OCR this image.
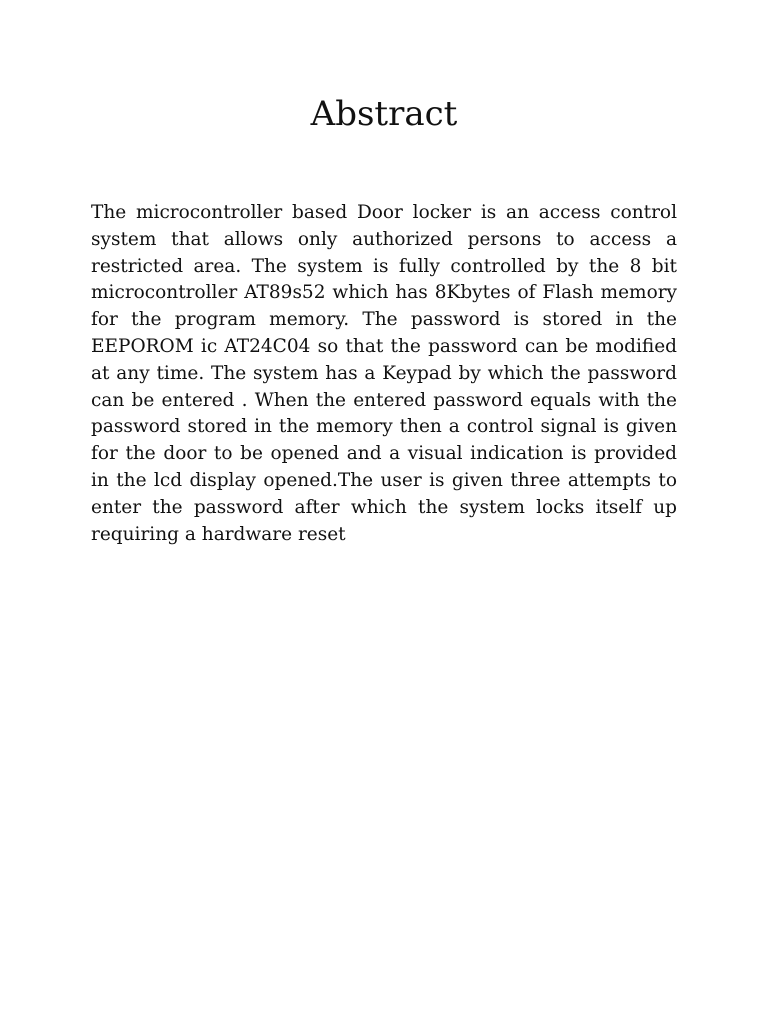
Abstract

The microcontroller based Door locker is an access control system that allows only authorized persons to access a restricted area. The system is fully controlled by the 8 bit microcontroller AT89s52 which has 8Kbytes of Flash memory for the program memory. The password is stored in the EEPOROM ic AT24C04 so that the password can be modified at any time. The system has a Keypad by which the password can be entered . When the entered password equals with the password stored in the memory then a control signal is given for the door to be opened and a visual indication is provided in the lcd display opened.The user is given three attempts to enter the password after which the system locks itself up requiring a hardware reset
